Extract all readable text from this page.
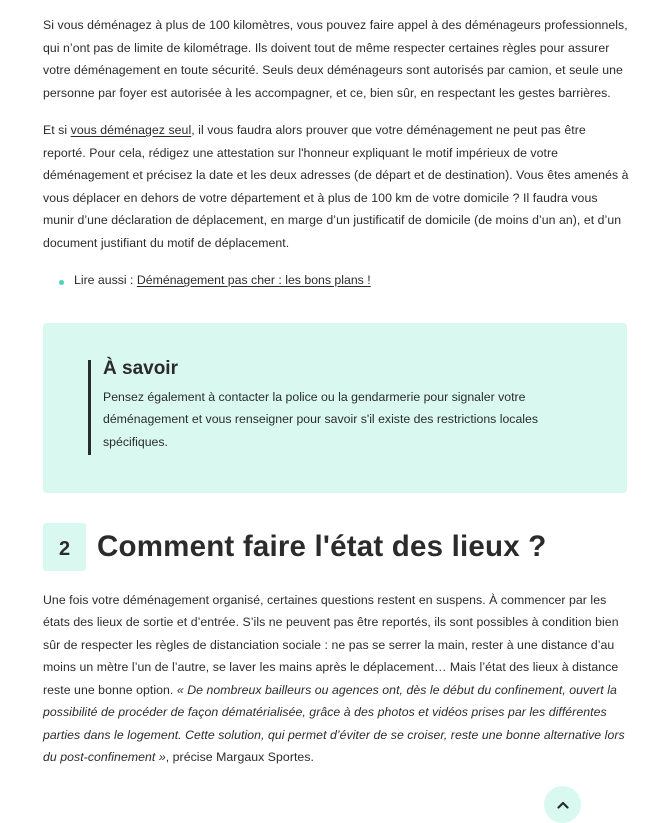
Si vous déménagez à plus de 100 kilomètres, vous pouvez faire appel à des déménageurs professionnels, qui n’ont pas de limite de kilométrage. Ils doivent tout de même respecter certaines règles pour assurer votre déménagement en toute sécurité. Seuls deux déménageurs sont autorisés par camion, et seule une personne par foyer est autorisée à les accompagner, et ce, bien sûr, en respectant les gestes barrières.

Et si vous déménagez seul, il vous faudra alors prouver que votre déménagement ne peut pas être reporté. Pour cela, rédigez une attestation sur l'honneur expliquant le motif impérieux de votre déménagement et précisez la date et les deux adresses (de départ et de destination). Vous êtes amenés à vous déplacer en dehors de votre département et à plus de 100 km de votre domicile ? Il faudra vous munir d’une déclaration de déplacement, en marge d’un justificatif de domicile (de moins d’un an), et d’un document justifiant du motif de déplacement.

Lire aussi : Déménagement pas cher : les bons plans !
À savoir

Pensez également à contacter la police ou la gendarmerie pour signaler votre déménagement et vous renseigner pour savoir s'il existe des restrictions locales spécifiques.

2 Comment faire l'état des lieux ?

Une fois votre déménagement organisé, certaines questions restent en suspens. À commencer par les états des lieux de sortie et d’entrée. S’ils ne peuvent pas être reportés, ils sont possibles à condition bien sûr de respecter les règles de distanciation sociale : ne pas se serrer la main, rester à une distance d’au moins un mètre l’un de l’autre, se laver les mains après le déplacement… Mais l’état des lieux à distance reste une bonne option. « De nombreux bailleurs ou agences ont, dès le début du confinement, ouvert la possibilité de procéder de façon dématérialisée, grâce à des photos et vidéos prises par les différentes parties dans le logement. Cette solution, qui permet d’éviter de se croiser, reste une bonne alternative lors du post-confinement », précise Margaux Sportes.
